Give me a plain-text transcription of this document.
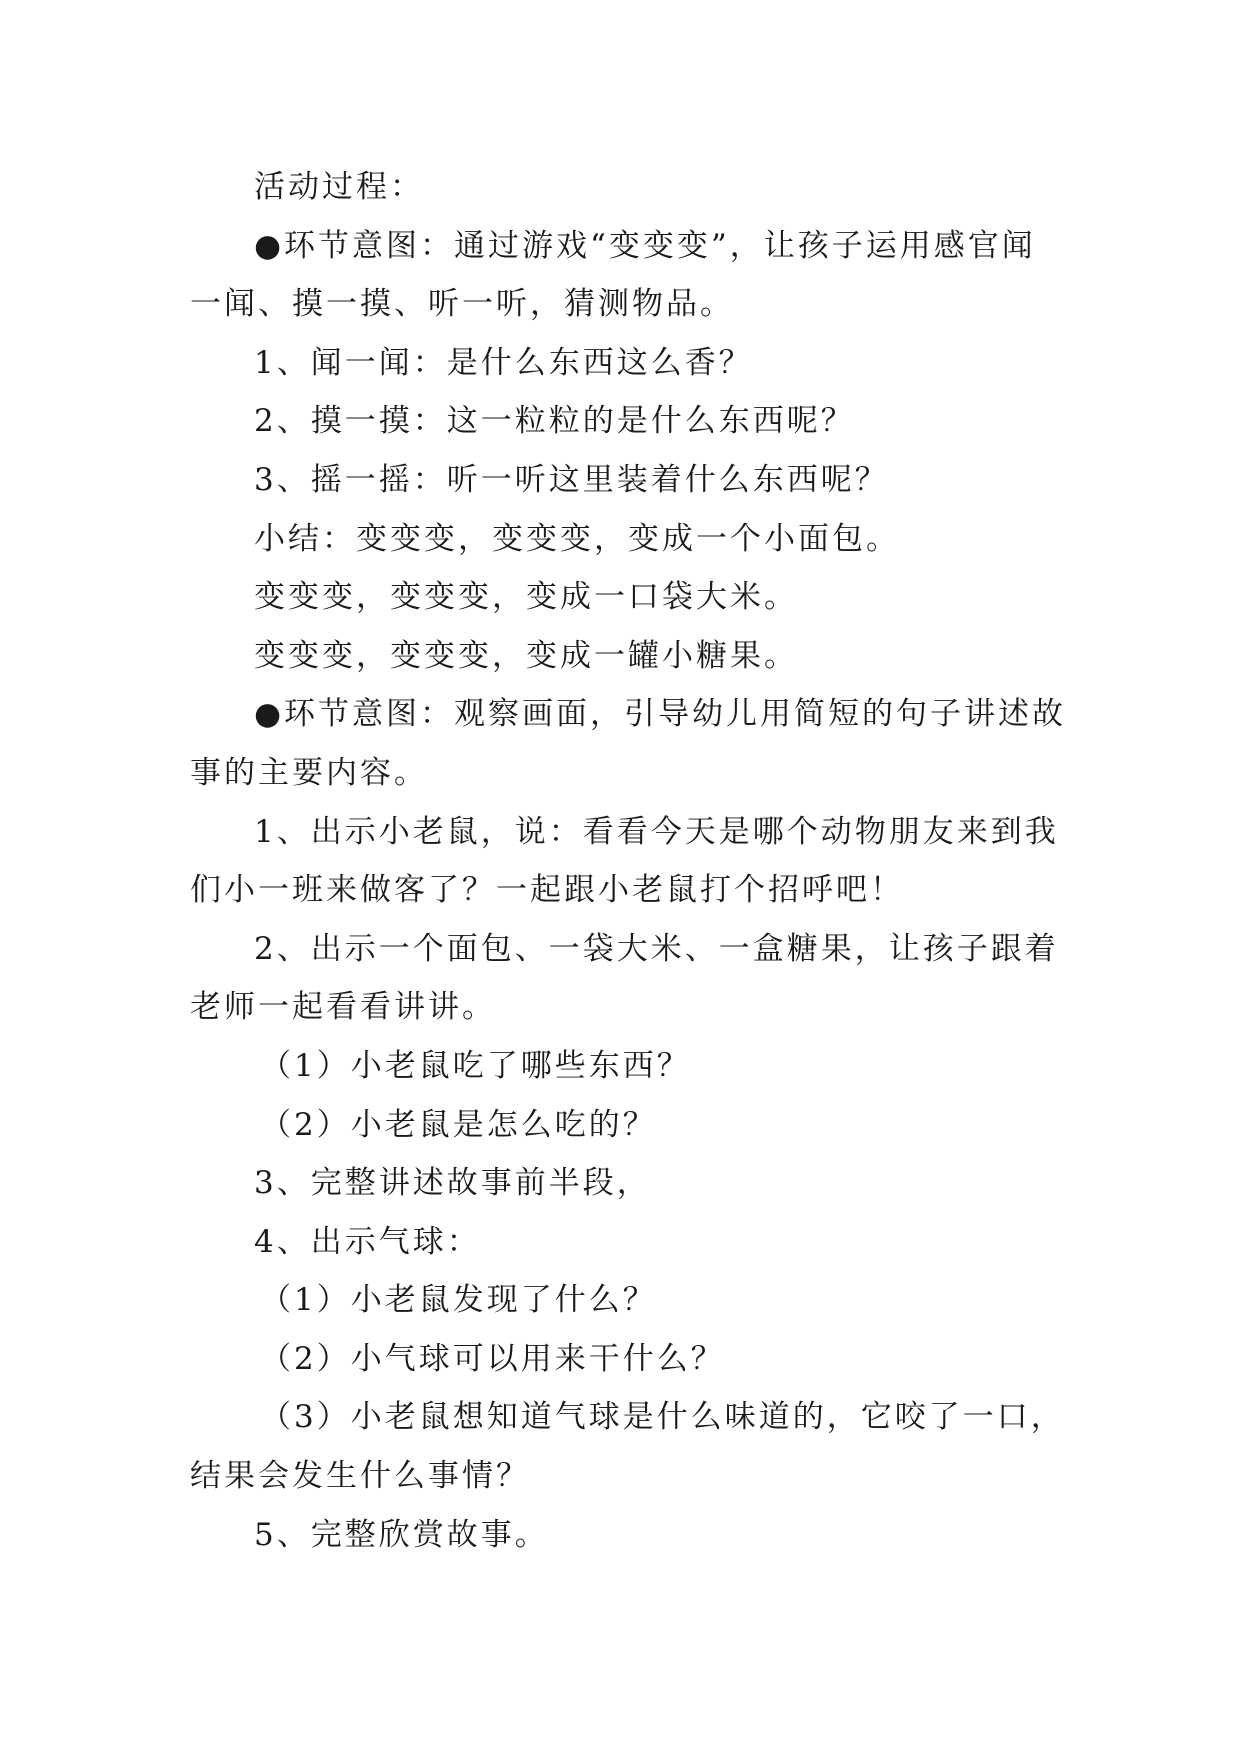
活动过程：
●环节意图：通过游戏“变变变”，让孩子运用感官闻
一闻、摸一摸、听一听，猜测物品。
1、闻一闻：是什么东西这么香？
2、摸一摸：这一粒粒的是什么东西呢？
3、摇一摇：听一听这里装着什么东西呢？
小结：变变变，变变变，变成一个小面包。
变变变，变变变，变成一口袋大米。
变变变，变变变，变成一罐小糖果。
●环节意图：观察画面，引导幼儿用简短的句子讲述故
事的主要内容。
1、出示小老鼠，说：看看今天是哪个动物朋友来到我
们小一班来做客了？一起跟小老鼠打个招呼吧！
2、出示一个面包、一袋大米、一盒糖果，让孩子跟着
老师一起看看讲讲。
（1）小老鼠吃了哪些东西？
（2）小老鼠是怎么吃的？
3、完整讲述故事前半段，
4、出示气球：
（1）小老鼠发现了什么？
（2）小气球可以用来干什么？
（3）小老鼠想知道气球是什么味道的，它咬了一口，
结果会发生什么事情？
5、完整欣赏故事。
